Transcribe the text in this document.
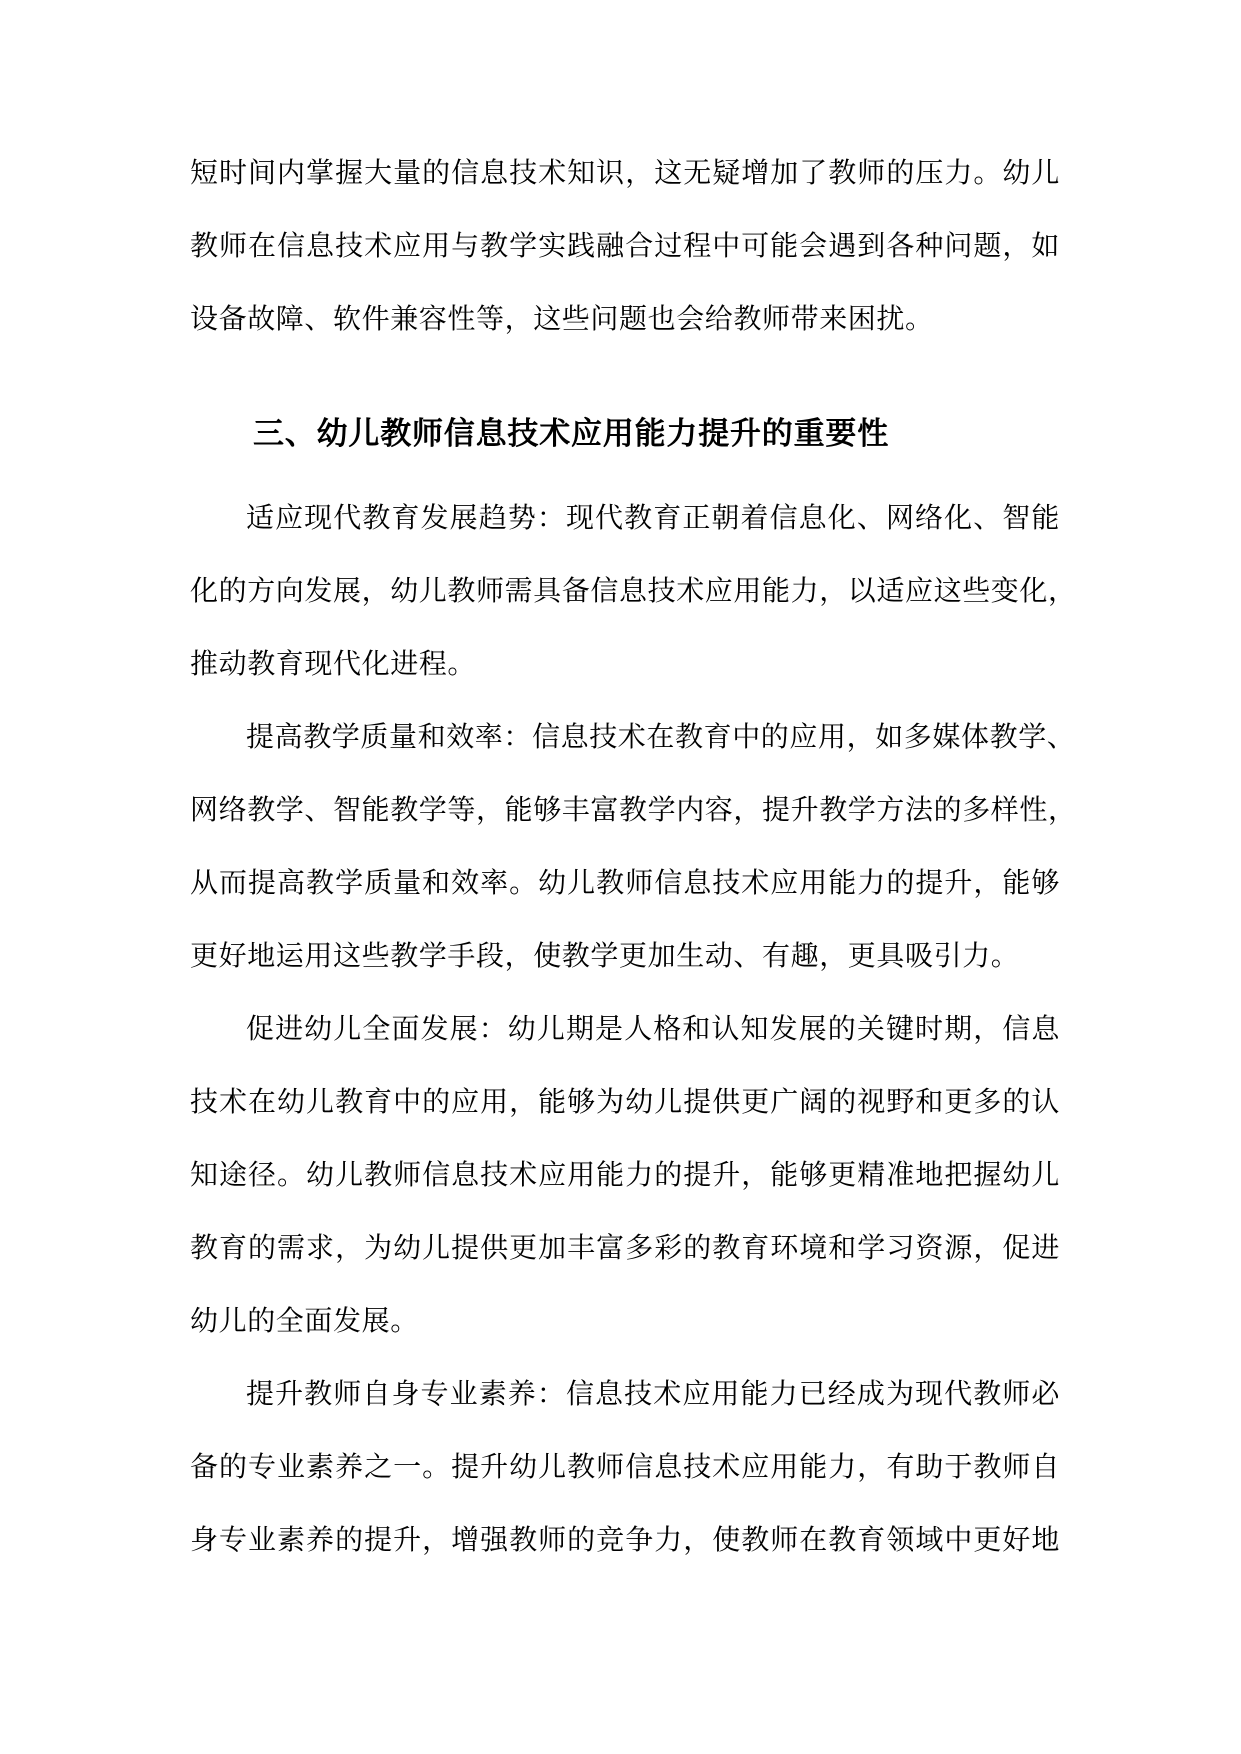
短时间内掌握大量的信息技术知识，这无疑增加了教师的压力。幼儿
教师在信息技术应用与教学实践融合过程中可能会遇到各种问题，如
设备故障、软件兼容性等，这些问题也会给教师带来困扰。
三、幼儿教师信息技术应用能力提升的重要性
适应现代教育发展趋势：现代教育正朝着信息化、网络化、智能
化的方向发展，幼儿教师需具备信息技术应用能力，以适应这些变化，
推动教育现代化进程。
提高教学质量和效率：信息技术在教育中的应用，如多媒体教学、
网络教学、智能教学等，能够丰富教学内容，提升教学方法的多样性，
从而提高教学质量和效率。幼儿教师信息技术应用能力的提升，能够
更好地运用这些教学手段，使教学更加生动、有趣，更具吸引力。
促进幼儿全面发展：幼儿期是人格和认知发展的关键时期，信息
技术在幼儿教育中的应用，能够为幼儿提供更广阔的视野和更多的认
知途径。幼儿教师信息技术应用能力的提升，能够更精准地把握幼儿
教育的需求，为幼儿提供更加丰富多彩的教育环境和学习资源，促进
幼儿的全面发展。
提升教师自身专业素养：信息技术应用能力已经成为现代教师必
备的专业素养之一。提升幼儿教师信息技术应用能力，有助于教师自
身专业素养的提升，增强教师的竞争力，使教师在教育领域中更好地
